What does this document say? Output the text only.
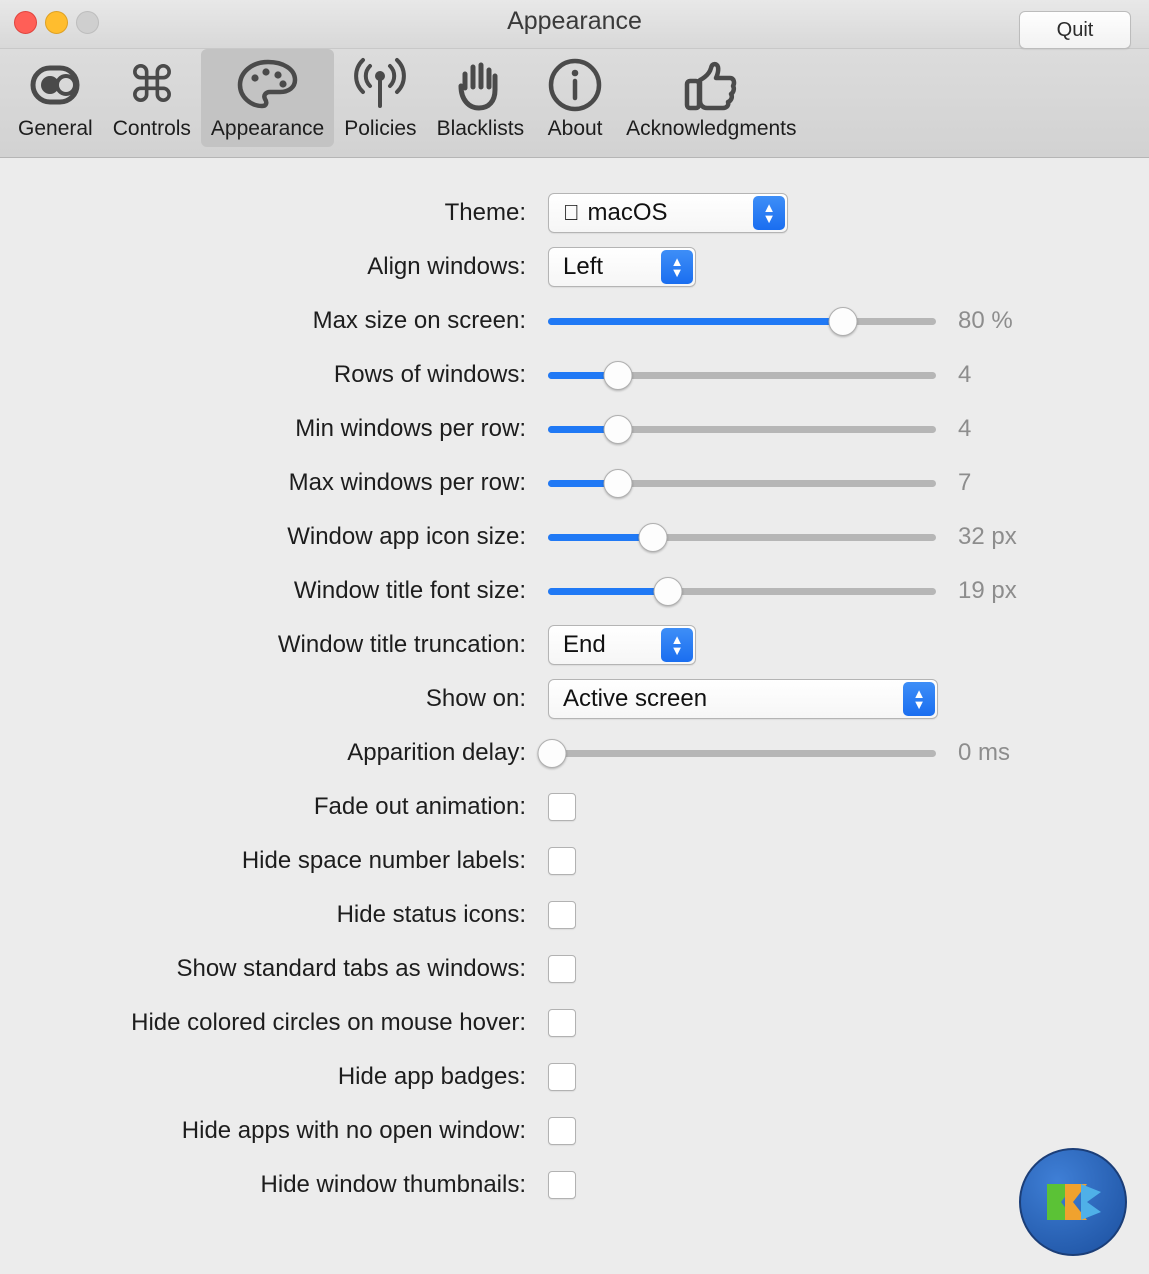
Appearance	Quit
General
⌘
Controls Appearance Policies Blacklists About Acknowledgments
Theme:	macOS	▲
▼
Align windows:	Left	▲
▼
Max size on screen:	80 %
Rows of windows:	4
Min windows per row:	4
Max windows per row:	7
Window app icon size:	32 px
Window title font size:	19 px
Window title truncation:	End	▲
▼
Show on:	Active screen	▲
▼
Apparition delay:	0 ms
Fade out animation:
Hide space number labels:
Hide status icons:
Show standard tabs as windows:
Hide colored circles on mouse hover:
Hide app badges:
Hide apps with no open window:
Hide window thumbnails:
